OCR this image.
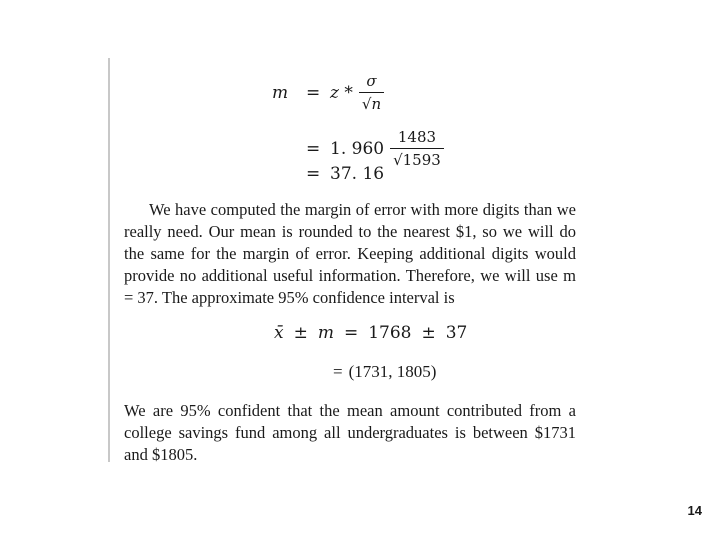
m	= z * $\frac{\sigma}{√n}$
= 1. $960 \frac{1483}{√1593}$
= 37. 16
We have computed the margin of error with more digits than we really need. Our mean is rounded to the nearest $1, so we will do the same for the margin of error. Keeping additional digits would provide no additional useful information. Therefore, we will use m = 37. The approximate 95% confidence interval is
x̄ ± m = 1768 ± 37
= (1731, 1805)
We are 95% confident that the mean amount contributed from a college savings fund among all undergraduates is between $1731 and $1805.
14
